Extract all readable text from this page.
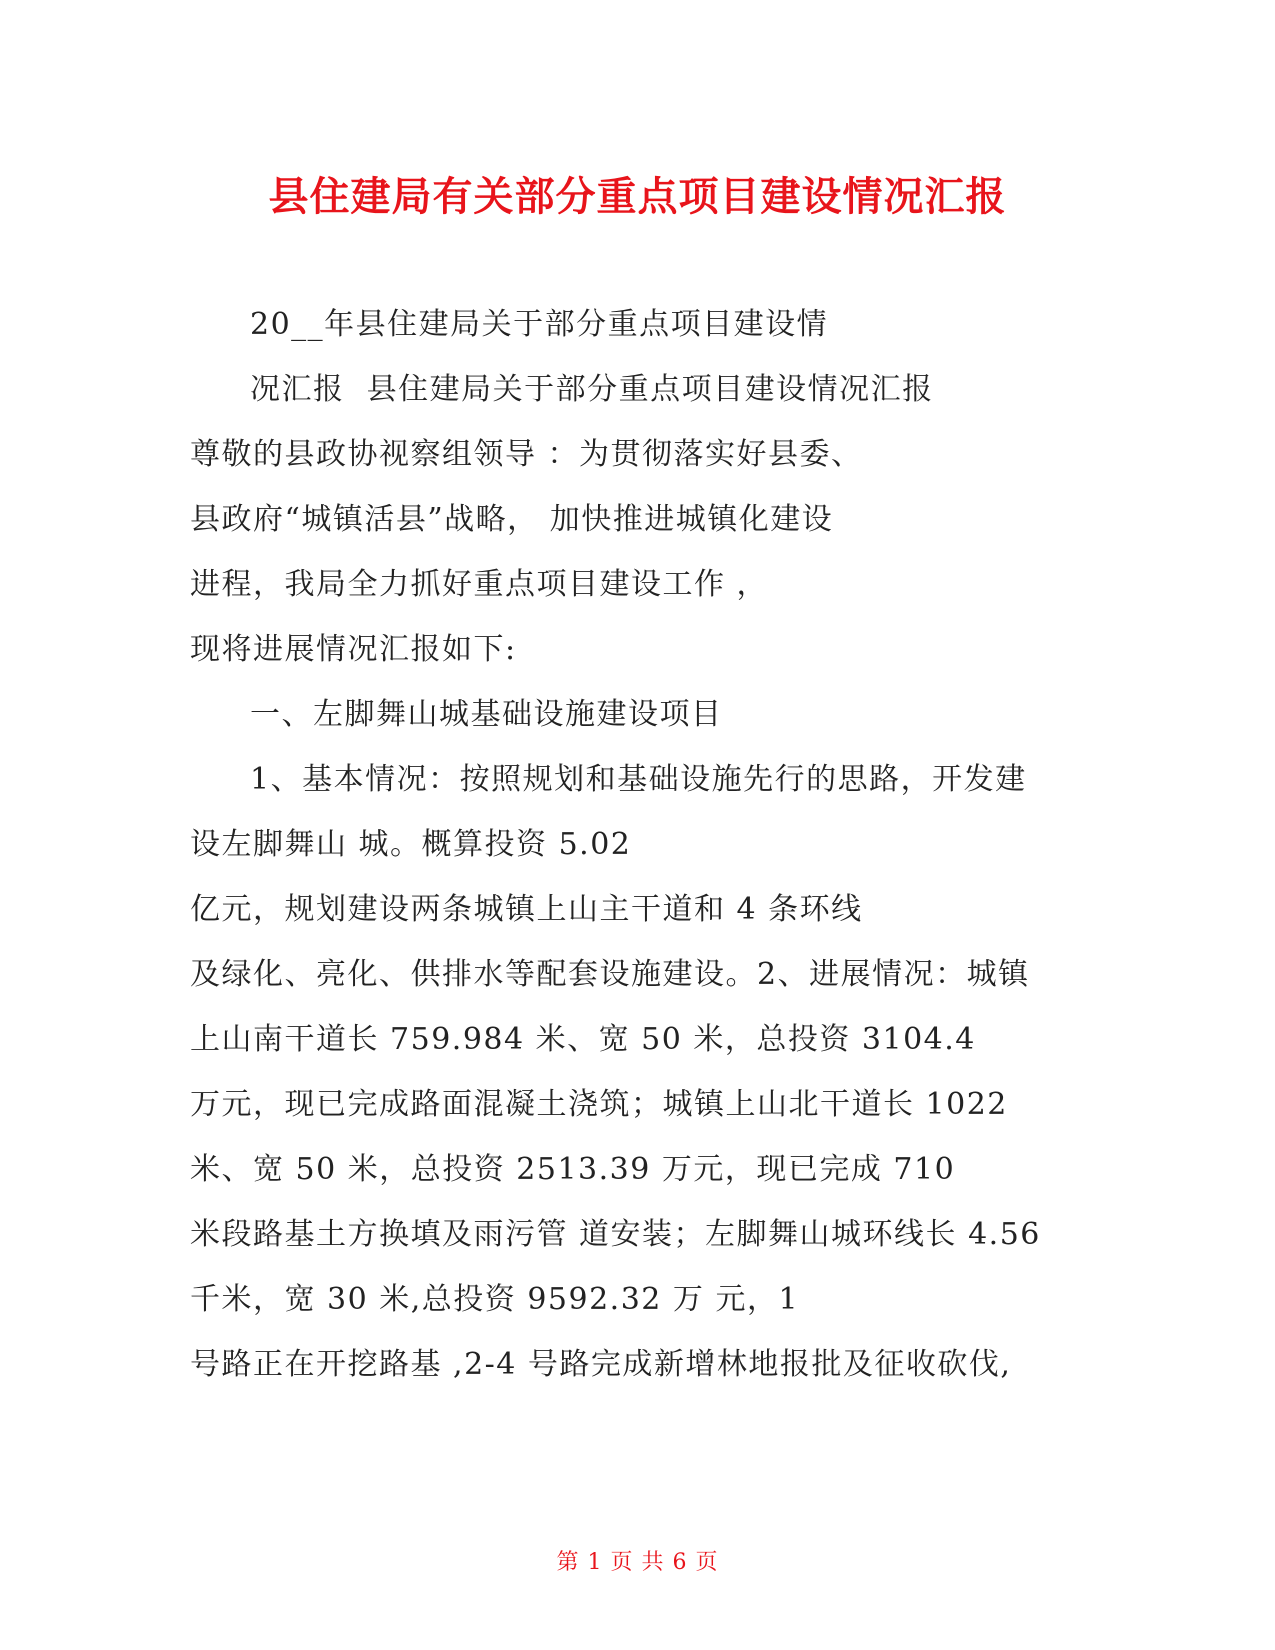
县住建局有关部分重点项目建设情况汇报
20__年县住建局关于部分重点项目建设情
况汇报  县住建局关于部分重点项目建设情况汇报
尊敬的县政协视察组领导 ：为贯彻落实好县委、
县政府“城镇活县”战略， 加快推进城镇化建设
进程，我局全力抓好重点项目建设工作 ，
现将进展情况汇报如下:
一、左脚舞山城基础设施建设项目
1、基本情况：按照规划和基础设施先行的思路，开发建
设左脚舞山 城。概算投资 5.02
亿元，规划建设两条城镇上山主干道和 4 条环线
及绿化、亮化、供排水等配套设施建设。2、进展情况：城镇
上山南干道长 759.984 米、宽 50 米，总投资 3104.4
万元，现已完成路面混凝土浇筑；城镇上山北干道长 1022
米、宽 50 米，总投资 2513.39 万元，现已完成 710
米段路基土方换填及雨污管 道安装；左脚舞山城环线长 4.56
千米，宽 30 米,总投资 9592.32 万 元，1
号路正在开挖路基 ,2-4 号路完成新增林地报批及征收砍伐,
第 1 页 共 6 页
